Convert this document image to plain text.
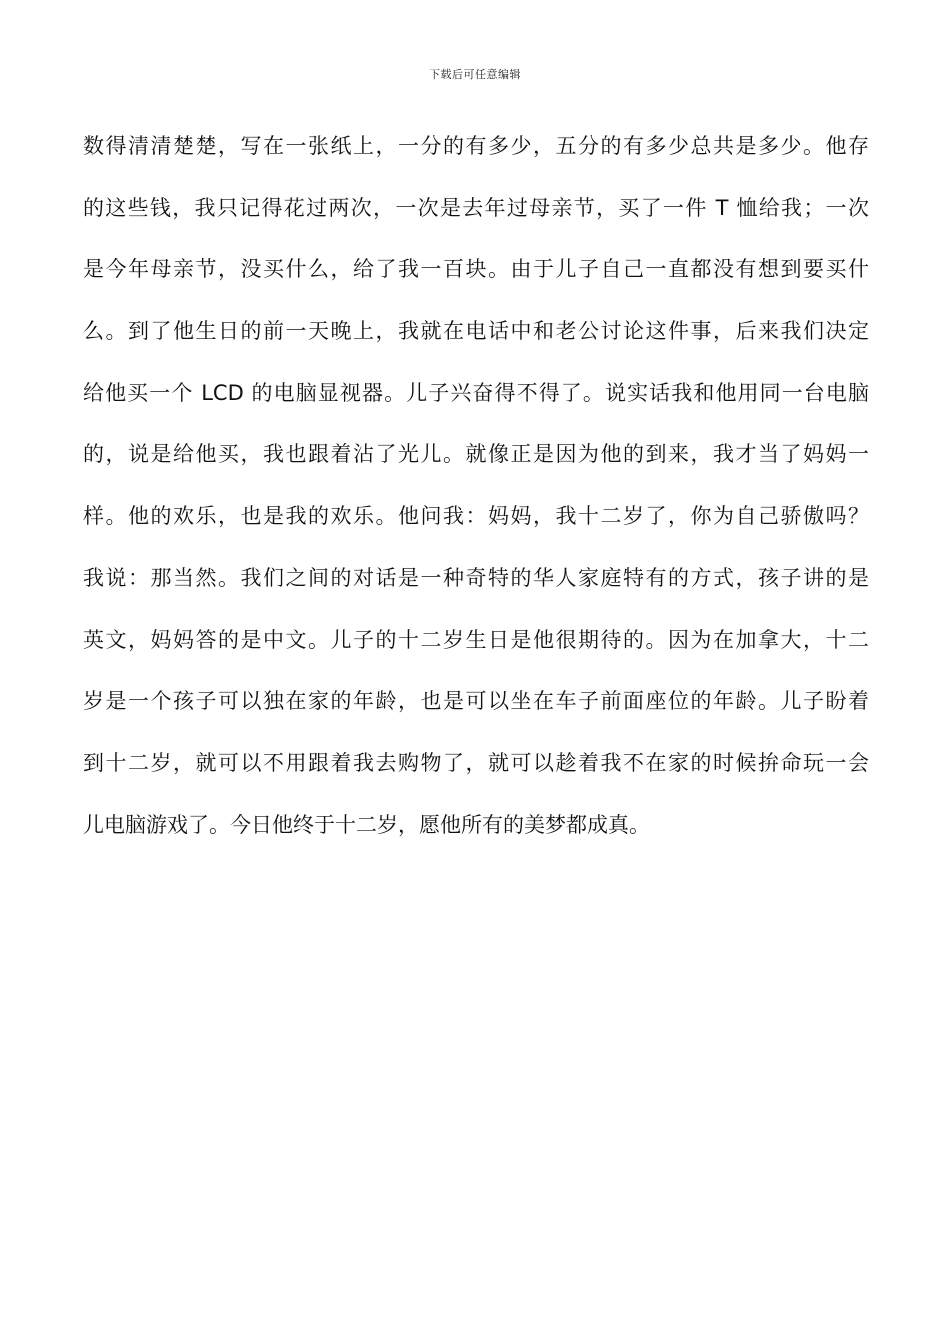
下载后可任意编辑
数得清清楚楚，写在一张纸上，一分的有多少，五分的有多少总共是多少。他存
的这些钱，我只记得花过两次，一次是去年过母亲节，买了一件 T 恤给我；一次
是今年母亲节，没买什么，给了我一百块。由于儿子自己一直都没有想到要买什
么。到了他生日的前一天晚上，我就在电话中和老公讨论这件事，后来我们决定
给他买一个 LCD 的电脑显视器。儿子兴奋得不得了。说实话我和他用同一台电脑
的，说是给他买，我也跟着沾了光儿。就像正是因为他的到来，我才当了妈妈一
样。他的欢乐，也是我的欢乐。他问我：妈妈，我十二岁了，你为自己骄傲吗？
我说：那当然。我们之间的对话是一种奇特的华人家庭特有的方式，孩子讲的是
英文，妈妈答的是中文。儿子的十二岁生日是他很期待的。因为在加拿大，十二
岁是一个孩子可以独在家的年龄，也是可以坐在车子前面座位的年龄。儿子盼着
到十二岁，就可以不用跟着我去购物了，就可以趁着我不在家的时候拚命玩一会
儿电脑游戏了。今日他终于十二岁，愿他所有的美梦都成真。
